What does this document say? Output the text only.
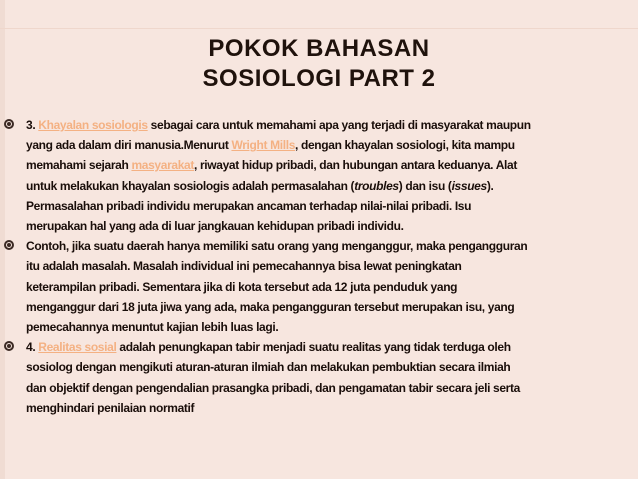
POKOK BAHASAN
SOSIOLOGI PART 2
3. Khayalan sosiologis sebagai cara untuk memahami apa yang terjadi di masyarakat maupun
yang ada dalam diri manusia.Menurut Wright Mills, dengan khayalan sosiologi, kita mampu
memahami sejarah masyarakat, riwayat hidup pribadi, dan hubungan antara keduanya. Alat
untuk melakukan khayalan sosiologis adalah permasalahan (troubles) dan isu (issues).
Permasalahan pribadi individu merupakan ancaman terhadap nilai-nilai pribadi. Isu
merupakan hal yang ada di luar jangkauan kehidupan pribadi individu.
Contoh, jika suatu daerah hanya memiliki satu orang yang menganggur, maka pengangguran
itu adalah masalah. Masalah individual ini pemecahannya bisa lewat peningkatan
keterampilan pribadi. Sementara jika di kota tersebut ada 12 juta penduduk yang
menganggur dari 18 juta jiwa yang ada, maka pengangguran tersebut merupakan isu, yang
pemecahannya menuntut kajian lebih luas lagi.
4. Realitas sosial adalah penungkapan tabir menjadi suatu realitas yang tidak terduga oleh
sosiolog dengan mengikuti aturan-aturan ilmiah dan melakukan pembuktian secara ilmiah
dan objektif dengan pengendalian prasangka pribadi, dan pengamatan tabir secara jeli serta
menghindari penilaian normatif
